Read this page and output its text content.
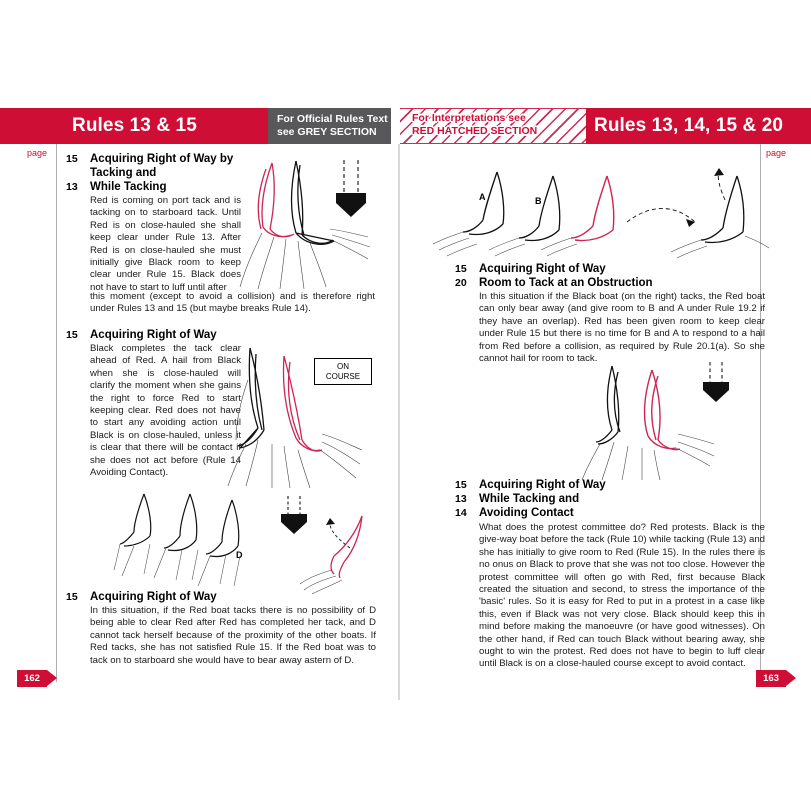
Rules 13 & 15	Rules 13, 14, 15 & 20
For Official Rules Text
see GREY SECTION
For Interpretations see
RED HATCHED SECTION
page	page
162	163
15	Acquiring Right of Way by Tacking and
13	While Tacking
Red is coming on port tack and is tacking on to starboard tack. Until Red is on close-hauled she shall keep clear under Rule 13. After Red is on close-hauled she must initially give Black room to keep clear under Rule 15. Black does not have to start to luff until after
this moment (except to avoid a collision) and is therefore right under Rules 13 and 15 (but maybe breaks Rule 14).
15	Acquiring Right of Way
Black completes the tack clear ahead of Red. A hail from Black when she is close-hauled will clarify the moment when she gains the right to force Red to start keeping clear. Red does not have to start any avoiding action until Black is on close-hauled, unless it is clear that there will be contact if she does not act before (Rule 14 Avoiding Contact).
ON COURSE
D
15	Acquiring Right of Way
In this situation, if the Red boat tacks there is no possibility of D being able to clear Red after Red has completed her tack, and D cannot tack herself because of the proximity of the other boats. If Red tacks, she has not satisfied Rule 15. If the Red boat was to tack on to starboard she would have to bear away astern of D.
A	B
15	Acquiring Right of Way
20	Room to Tack at an Obstruction
In this situation if the Black boat (on the right) tacks, the Red boat can only bear away (and give room to B and A under Rule 19.2 if they have an overlap). Red has been given room to keep clear under Rule 15 but there is no time for B and A to respond to a hail from Red before a collision, as required by Rule 20.1(a). So she cannot hail for room to tack.
15	Acquiring Right of Way
13	While Tacking and
14	Avoiding Contact
What does the protest committee do? Red protests. Black is the give-way boat before the tack (Rule 10) while tacking (Rule 13) and she has initially to give room to Red (Rule 15). In the rules there is no onus on Black to prove that she was not too close. However the protest committee will often go with Red, first because Black created the situation and second, to stress the importance of the 'basic' rules. So it is easy for Red to put in a protest in a case like this, even if Black was not very close. Black should keep this in mind before making the manoeuvre (or have good witnesses). On the other hand, if Red can touch Black without bearing away, she ought to win the protest. Red does not have to begin to luff clear until Black is on a close-hauled course except to avoid contact.
